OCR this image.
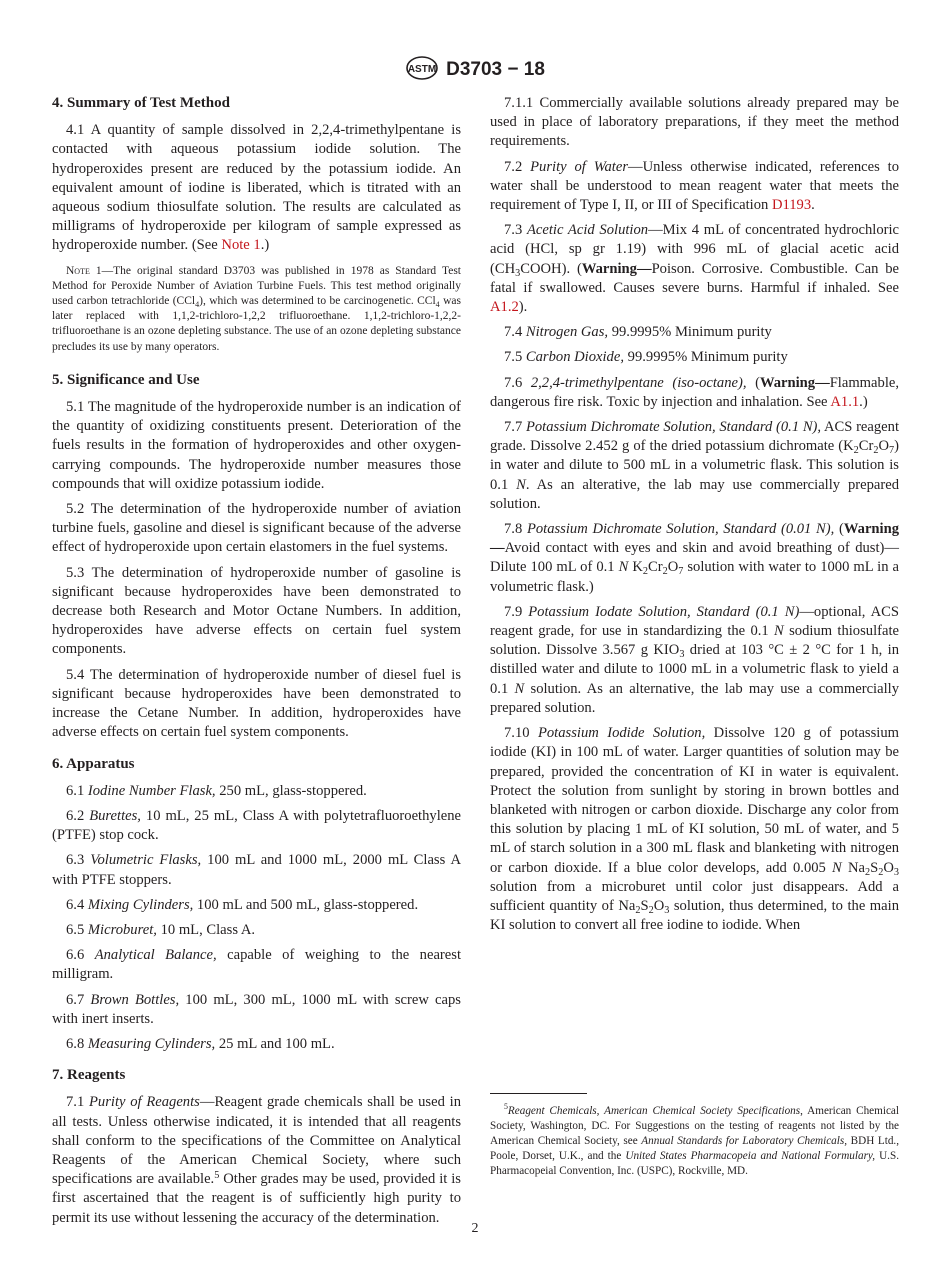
ASTM D3703 − 18
4. Summary of Test Method

4.1 A quantity of sample dissolved in 2,2,4-trimethylpentane is contacted with aqueous potassium iodide solution. The hydroperoxides present are reduced by the potassium iodide. An equivalent amount of iodine is liberated, which is titrated with an aqueous sodium thiosulfate solution. The results are calculated as milligrams of hydroperoxide per kilogram of sample expressed as hydroperoxide number. (See Note 1.)

Note 1—The original standard D3703 was published in 1978 as Standard Test Method for Peroxide Number of Aviation Turbine Fuels. This test method originally used carbon tetrachloride (CCl$_4$), which was determined to be carcinogenetic. CCl$_4$ was later replaced with 1,1,2-trichloro-1,2,2 trifluoroethane. 1,1,2-trichloro-1,2,2-trifluoroethane is an ozone depleting substance. The use of an ozone depleting substance precludes its use by many operators.

5. Significance and Use

5.1 The magnitude of the hydroperoxide number is an indication of the quantity of oxidizing constituents present. Deterioration of the fuels results in the formation of hydroperoxides and other oxygen-carrying compounds. The hydroperoxide number measures those compounds that will oxidize potassium iodide.

5.2 The determination of the hydroperoxide number of aviation turbine fuels, gasoline and diesel is significant because of the adverse effect of hydroperoxide upon certain elastomers in the fuel systems.

5.3 The determination of hydroperoxide number of gasoline is significant because hydroperoxides have been demonstrated to decrease both Research and Motor Octane Numbers. In addition, hydroperoxides have adverse effects on certain fuel system components.

5.4 The determination of hydroperoxide number of diesel fuel is significant because hydroperoxides have been demonstrated to increase the Cetane Number. In addition, hydroperoxides have adverse effects on certain fuel system components.

6. Apparatus

6.1 Iodine Number Flask, 250 mL, glass-stoppered.

6.2 Burettes, 10 mL, 25 mL, Class A with polytetrafluoroethylene (PTFE) stop cock.

6.3 Volumetric Flasks, 100 mL and 1000 mL, 2000 mL Class A with PTFE stoppers.

6.4 Mixing Cylinders, 100 mL and 500 mL, glass-stoppered.

6.5 Microburet, 10 mL, Class A.

6.6 Analytical Balance, capable of weighing to the nearest milligram.

6.7 Brown Bottles, 100 mL, 300 mL, 1000 mL with screw caps with inert inserts.

6.8 Measuring Cylinders, 25 mL and 100 mL.

7. Reagents

7.1 Purity of Reagents—Reagent grade chemicals shall be used in all tests. Unless otherwise indicated, it is intended that all reagents shall conform to the specifications of the Committee on Analytical Reagents of the American Chemical Society, where such specifications are available.$^5$ Other grades may be used, provided it is first ascertained that the reagent is of sufficiently high purity to permit its use without lessening the accuracy of the determination.

7.1.1 Commercially available solutions already prepared may be used in place of laboratory preparations, if they meet the method requirements.

7.2 Purity of Water—Unless otherwise indicated, references to water shall be understood to mean reagent water that meets the requirement of Type I, II, or III of Specification D1193.

7.3 Acetic Acid Solution—Mix 4 mL of concentrated hydrochloric acid (HCl, sp gr 1.19) with 996 mL of glacial acetic acid $(CH_3COOH)$. (Warning—Poison. Corrosive. Combustible. Can be fatal if swallowed. Causes severe burns. Harmful if inhaled. See A1.2).

7.4 Nitrogen Gas, 99.9995% Minimum purity

7.5 Carbon Dioxide, 99.9995% Minimum purity

7.6 2,2,4-trimethylpentane (iso-octane), (Warning—Flammable, dangerous fire risk. Toxic by injection and inhalation. See A1.1.)

7.7 Potassium Dichromate Solution, Standard (0.1 N), ACS reagent grade. Dissolve 2.452 g of the dried potassium dichromate $(K_2Cr_2O_7)$ in water and dilute to 500 mL in a volumetric flask. This solution is 0.1 N. As an alterative, the lab may use commercially prepared solution.

7.8 Potassium Dichromate Solution, Standard (0.01 N), (Warning—Avoid contact with eyes and skin and avoid breathing of dust)—Dilute 100 mL of 0.1 N $K_2Cr_2O_7$ solution with water to 1000 mL in a volumetric flask.)

7.9 Potassium Iodate Solution, Standard (0.1 N)—optional, ACS reagent grade, for use in standardizing the 0.1 N sodium thiosulfate solution. Dissolve 3.567 g $KIO_3$ dried at 103 °C ± 2 °C for 1 h, in distilled water and dilute to 1000 mL in a volumetric flask to yield a 0.1 N solution. As an alternative, the lab may use a commercially prepared solution.

7.10 Potassium Iodide Solution, Dissolve 120 g of potassium iodide (KI) in 100 mL of water. Larger quantities of solution may be prepared, provided the concentration of KI in water is equivalent. Protect the solution from sunlight by storing in brown bottles and blanketed with nitrogen or carbon dioxide. Discharge any color from this solution by placing 1 mL of KI solution, 50 mL of water, and 5 mL of starch solution in a 300 mL flask and blanketing with nitrogen or carbon dioxide. If a blue color develops, add 0.005 N $Na_2S_2O_3$ solution from a microburet until color just disappears. Add a sufficient quantity of $Na_2S_2O_3$ solution, thus determined, to the main KI solution to convert all free iodine to iodide. When

$^5$Reagent Chemicals, American Chemical Society Specifications, American Chemical Society, Washington, DC. For Suggestions on the testing of reagents not listed by the American Chemical Society, see Annual Standards for Laboratory Chemicals, BDH Ltd., Poole, Dorset, U.K., and the United States Pharmacopeia and National Formulary, U.S. Pharmacopeial Convention, Inc. (USPC), Rockville, MD.
2
